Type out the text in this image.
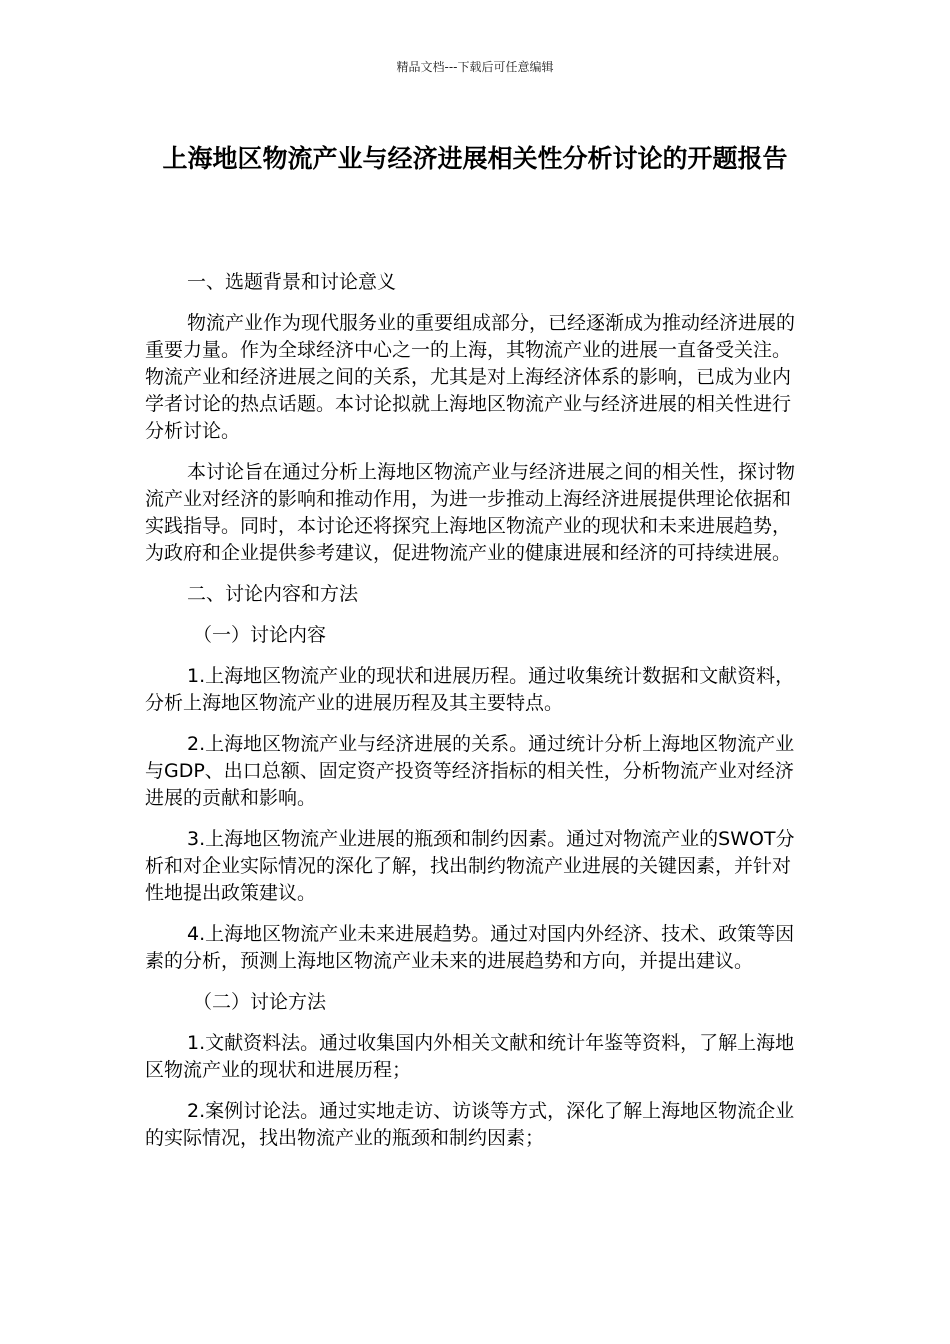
精品文档---下载后可任意编辑
上海地区物流产业与经济进展相关性分析讨论的开题报告
一、选题背景和讨论意义

物流产业作为现代服务业的重要组成部分，已经逐渐成为推动经济进展的重要力量。作为全球经济中心之一的上海，其物流产业的进展一直备受关注。物流产业和经济进展之间的关系，尤其是对上海经济体系的影响，已成为业内学者讨论的热点话题。本讨论拟就上海地区物流产业与经济进展的相关性进行分析讨论。

本讨论旨在通过分析上海地区物流产业与经济进展之间的相关性，探讨物流产业对经济的影响和推动作用，为进一步推动上海经济进展提供理论依据和实践指导。同时，本讨论还将探究上海地区物流产业的现状和未来进展趋势，为政府和企业提供参考建议，促进物流产业的健康进展和经济的可持续进展。

二、讨论内容和方法
（一）讨论内容

1.上海地区物流产业的现状和进展历程。通过收集统计数据和文献资料，分析上海地区物流产业的进展历程及其主要特点。

2.上海地区物流产业与经济进展的关系。通过统计分析上海地区物流产业与GDP、出口总额、固定资产投资等经济指标的相关性，分析物流产业对经济进展的贡献和影响。

3.上海地区物流产业进展的瓶颈和制约因素。通过对物流产业的SWOT分析和对企业实际情况的深化了解，找出制约物流产业进展的关键因素，并针对性地提出政策建议。

4.上海地区物流产业未来进展趋势。通过对国内外经济、技术、政策等因素的分析，预测上海地区物流产业未来的进展趋势和方向，并提出建议。

（二）讨论方法

1.文献资料法。通过收集国内外相关文献和统计年鉴等资料，了解上海地区物流产业的现状和进展历程；

2.案例讨论法。通过实地走访、访谈等方式，深化了解上海地区物流企业的实际情况，找出物流产业的瓶颈和制约因素；
